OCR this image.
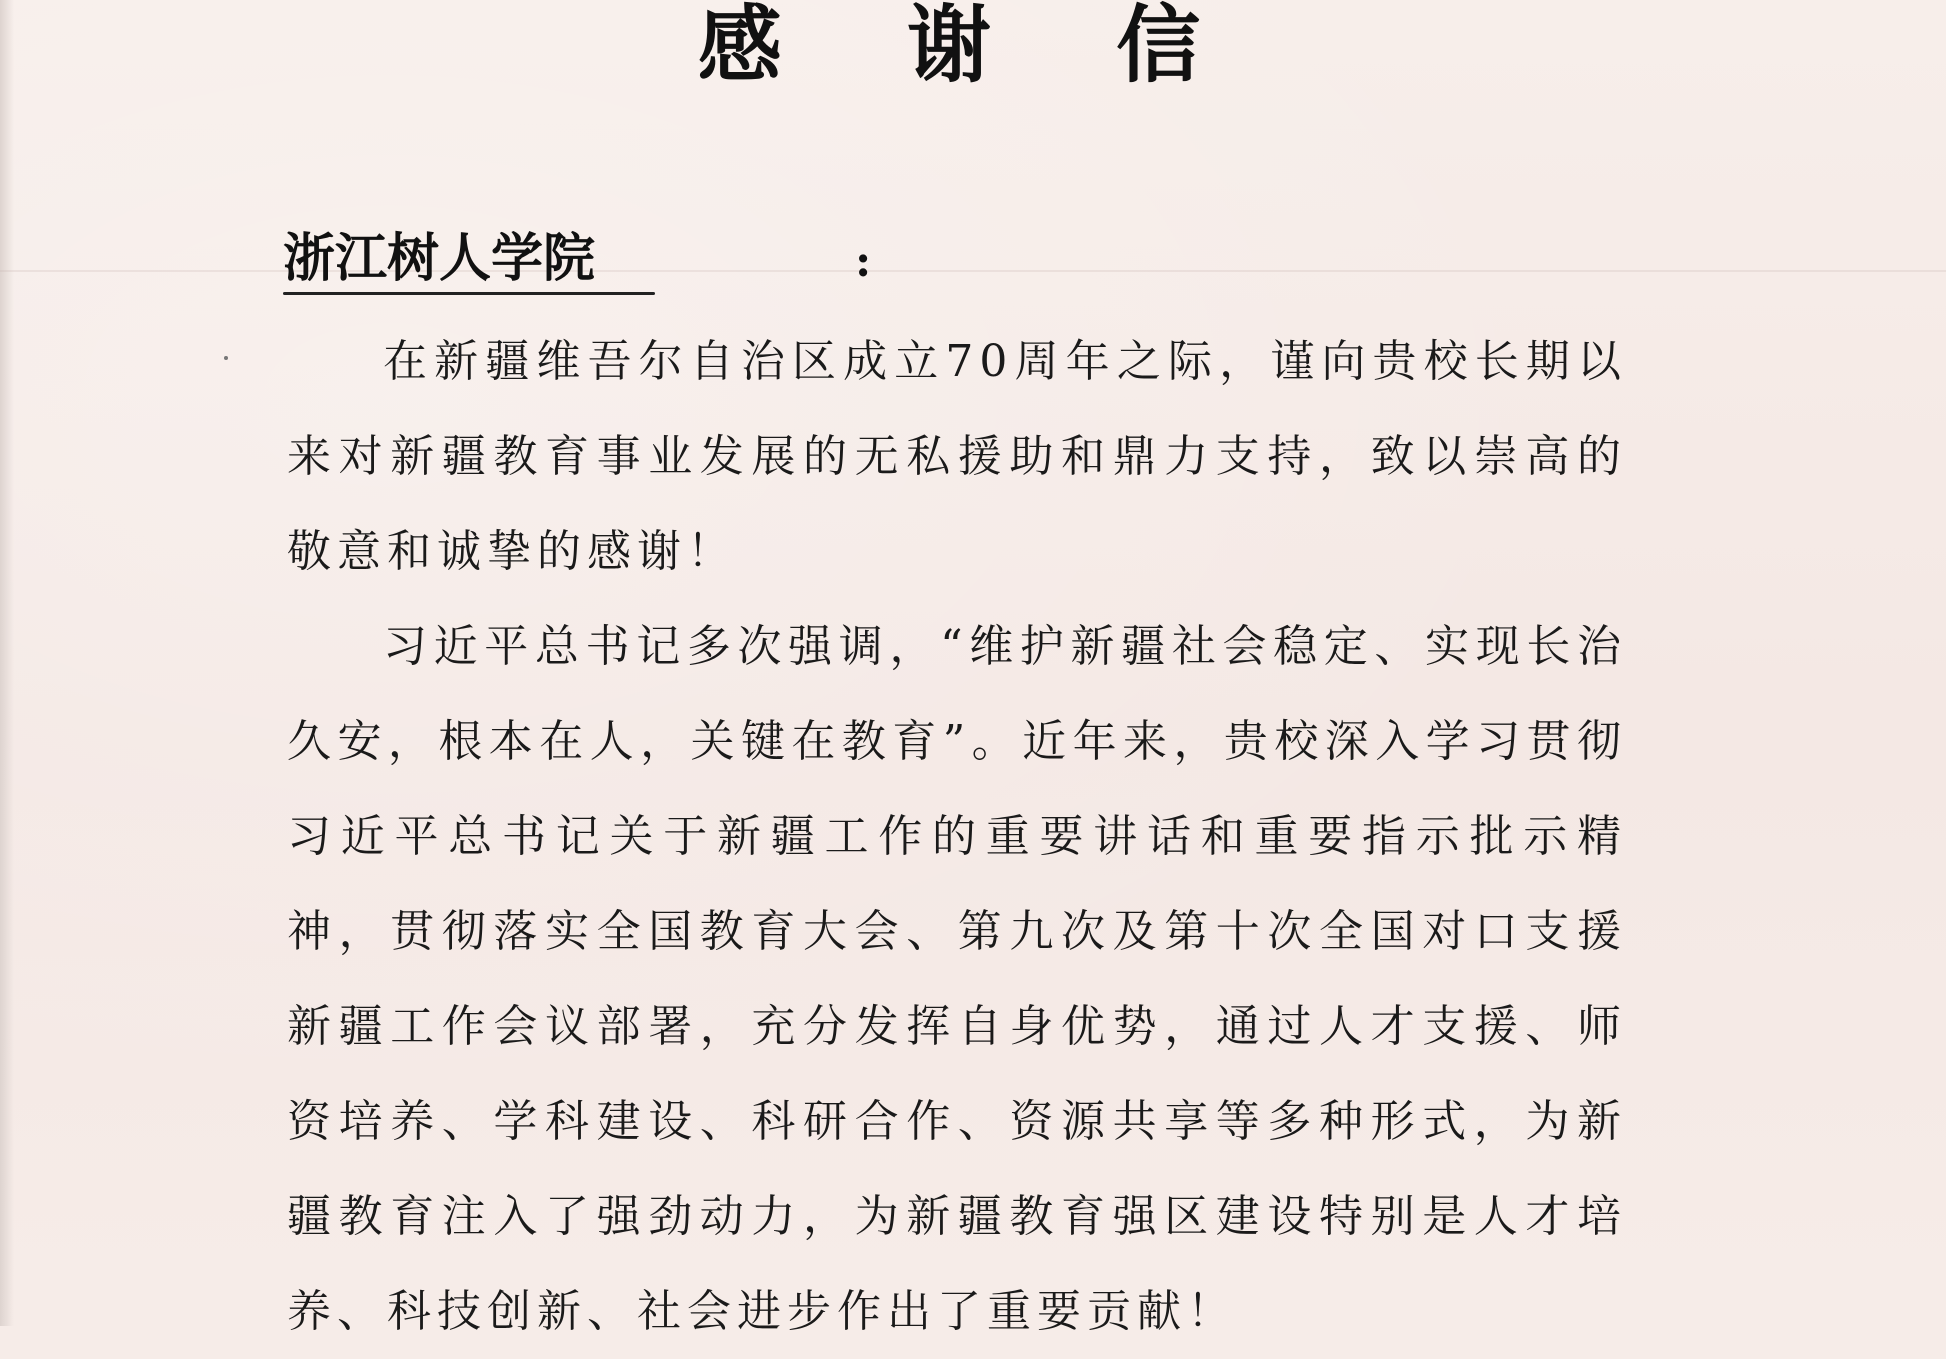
感 谢 信
浙江树人学院	:

在新疆维吾尔自治区成立70周年之际，谨向贵校长期以来对新疆教育事业发展的无私援助和鼎力支持，致以崇高的敬意和诚挚的感谢！

习近平总书记多次强调，“维护新疆社会稳定、实现长治久安，根本在人，关键在教育”。近年来，贵校深入学习贯彻习近平总书记关于新疆工作的重要讲话和重要指示批示精神，贯彻落实全国教育大会、第九次及第十次全国对口支援新疆工作会议部署，充分发挥自身优势，通过人才支援、师资培养、学科建设、科研合作、资源共享等多种形式，为新疆教育注入了强劲动力，为新疆教育强区建设特别是人才培养、科技创新、社会进步作出了重要贡献！
